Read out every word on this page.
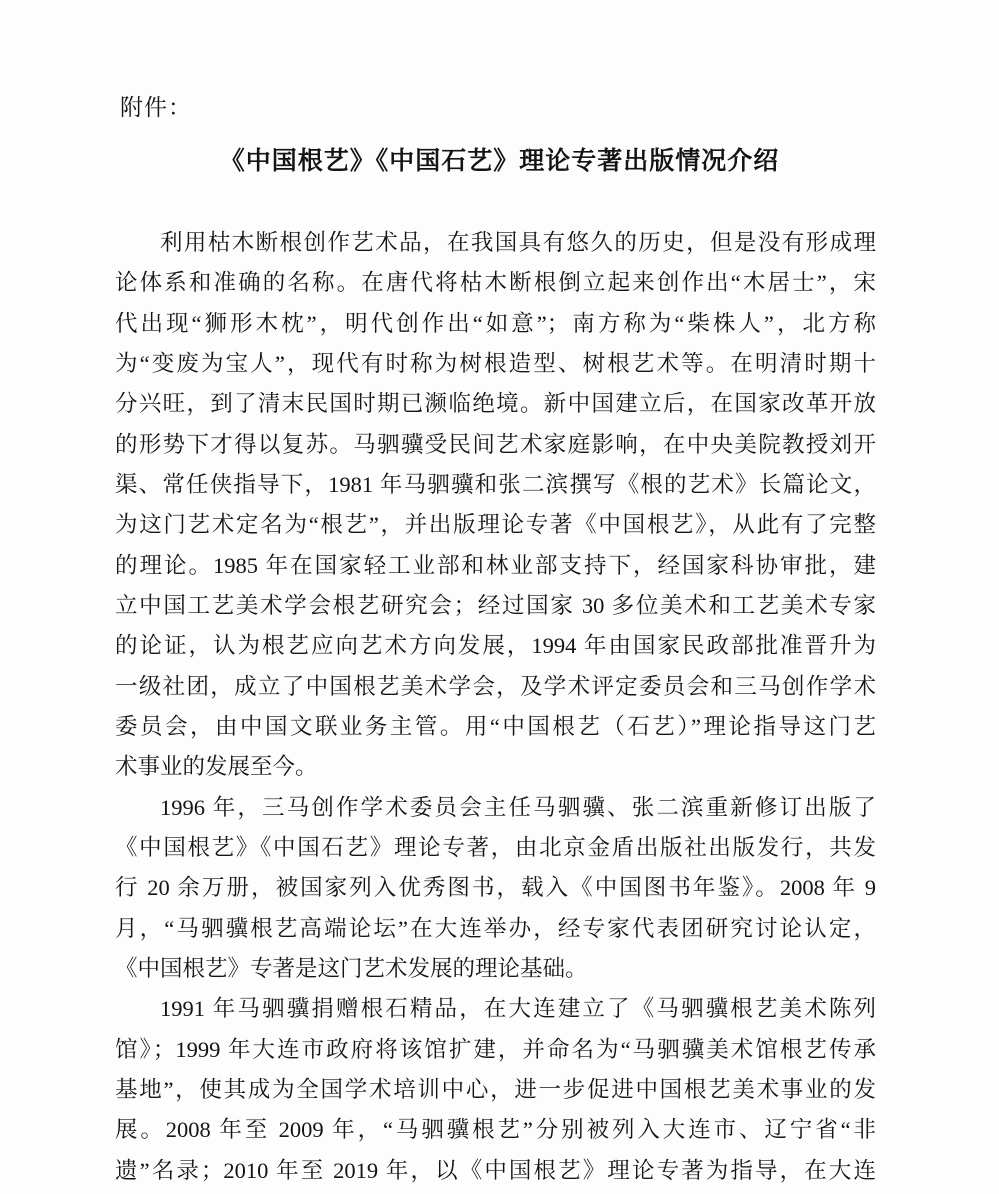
附件：
《中国根艺》《中国石艺》理论专著出版情况介绍
利用枯木断根创作艺术品，在我国具有悠久的历史，但是没有形成理
论体系和准确的名称。在唐代将枯木断根倒立起来创作出“木居士”，宋
代出现“狮形木枕”，明代创作出“如意”；南方称为“柴株人”，北方称
为“变废为宝人”，现代有时称为树根造型、树根艺术等。在明清时期十
分兴旺，到了清末民国时期已濒临绝境。新中国建立后，在国家改革开放
的形势下才得以复苏。马驷骥受民间艺术家庭影响，在中央美院教授刘开
渠、常任侠指导下，1981 年马驷骥和张二滨撰写《根的艺术》长篇论文，
为这门艺术定名为“根艺”，并出版理论专著《中国根艺》，从此有了完整
的理论。1985 年在国家轻工业部和林业部支持下，经国家科协审批，建
立中国工艺美术学会根艺研究会；经过国家 30 多位美术和工艺美术专家
的论证，认为根艺应向艺术方向发展，1994 年由国家民政部批准晋升为
一级社团，成立了中国根艺美术学会，及学术评定委员会和三马创作学术
委员会，由中国文联业务主管。用“中国根艺（石艺）”理论指导这门艺
术事业的发展至今。
1996 年，三马创作学术委员会主任马驷骥、张二滨重新修订出版了
《中国根艺》《中国石艺》理论专著，由北京金盾出版社出版发行，共发
行 20 余万册，被国家列入优秀图书，载入《中国图书年鉴》。2008 年 9
月，“马驷骥根艺高端论坛”在大连举办，经专家代表团研究讨论认定，
《中国根艺》专著是这门艺术发展的理论基础。
1991 年马驷骥捐赠根石精品，在大连建立了《马驷骥根艺美术陈列
馆》；1999 年大连市政府将该馆扩建，并命名为“马驷骥美术馆根艺传承
基地”，使其成为全国学术培训中心，进一步促进中国根艺美术事业的发
展。2008 年至 2009 年，“马驷骥根艺”分别被列入大连市、辽宁省“非
遗”名录；2010 年至 2019 年，以《中国根艺》理论专著为指导，在大连
